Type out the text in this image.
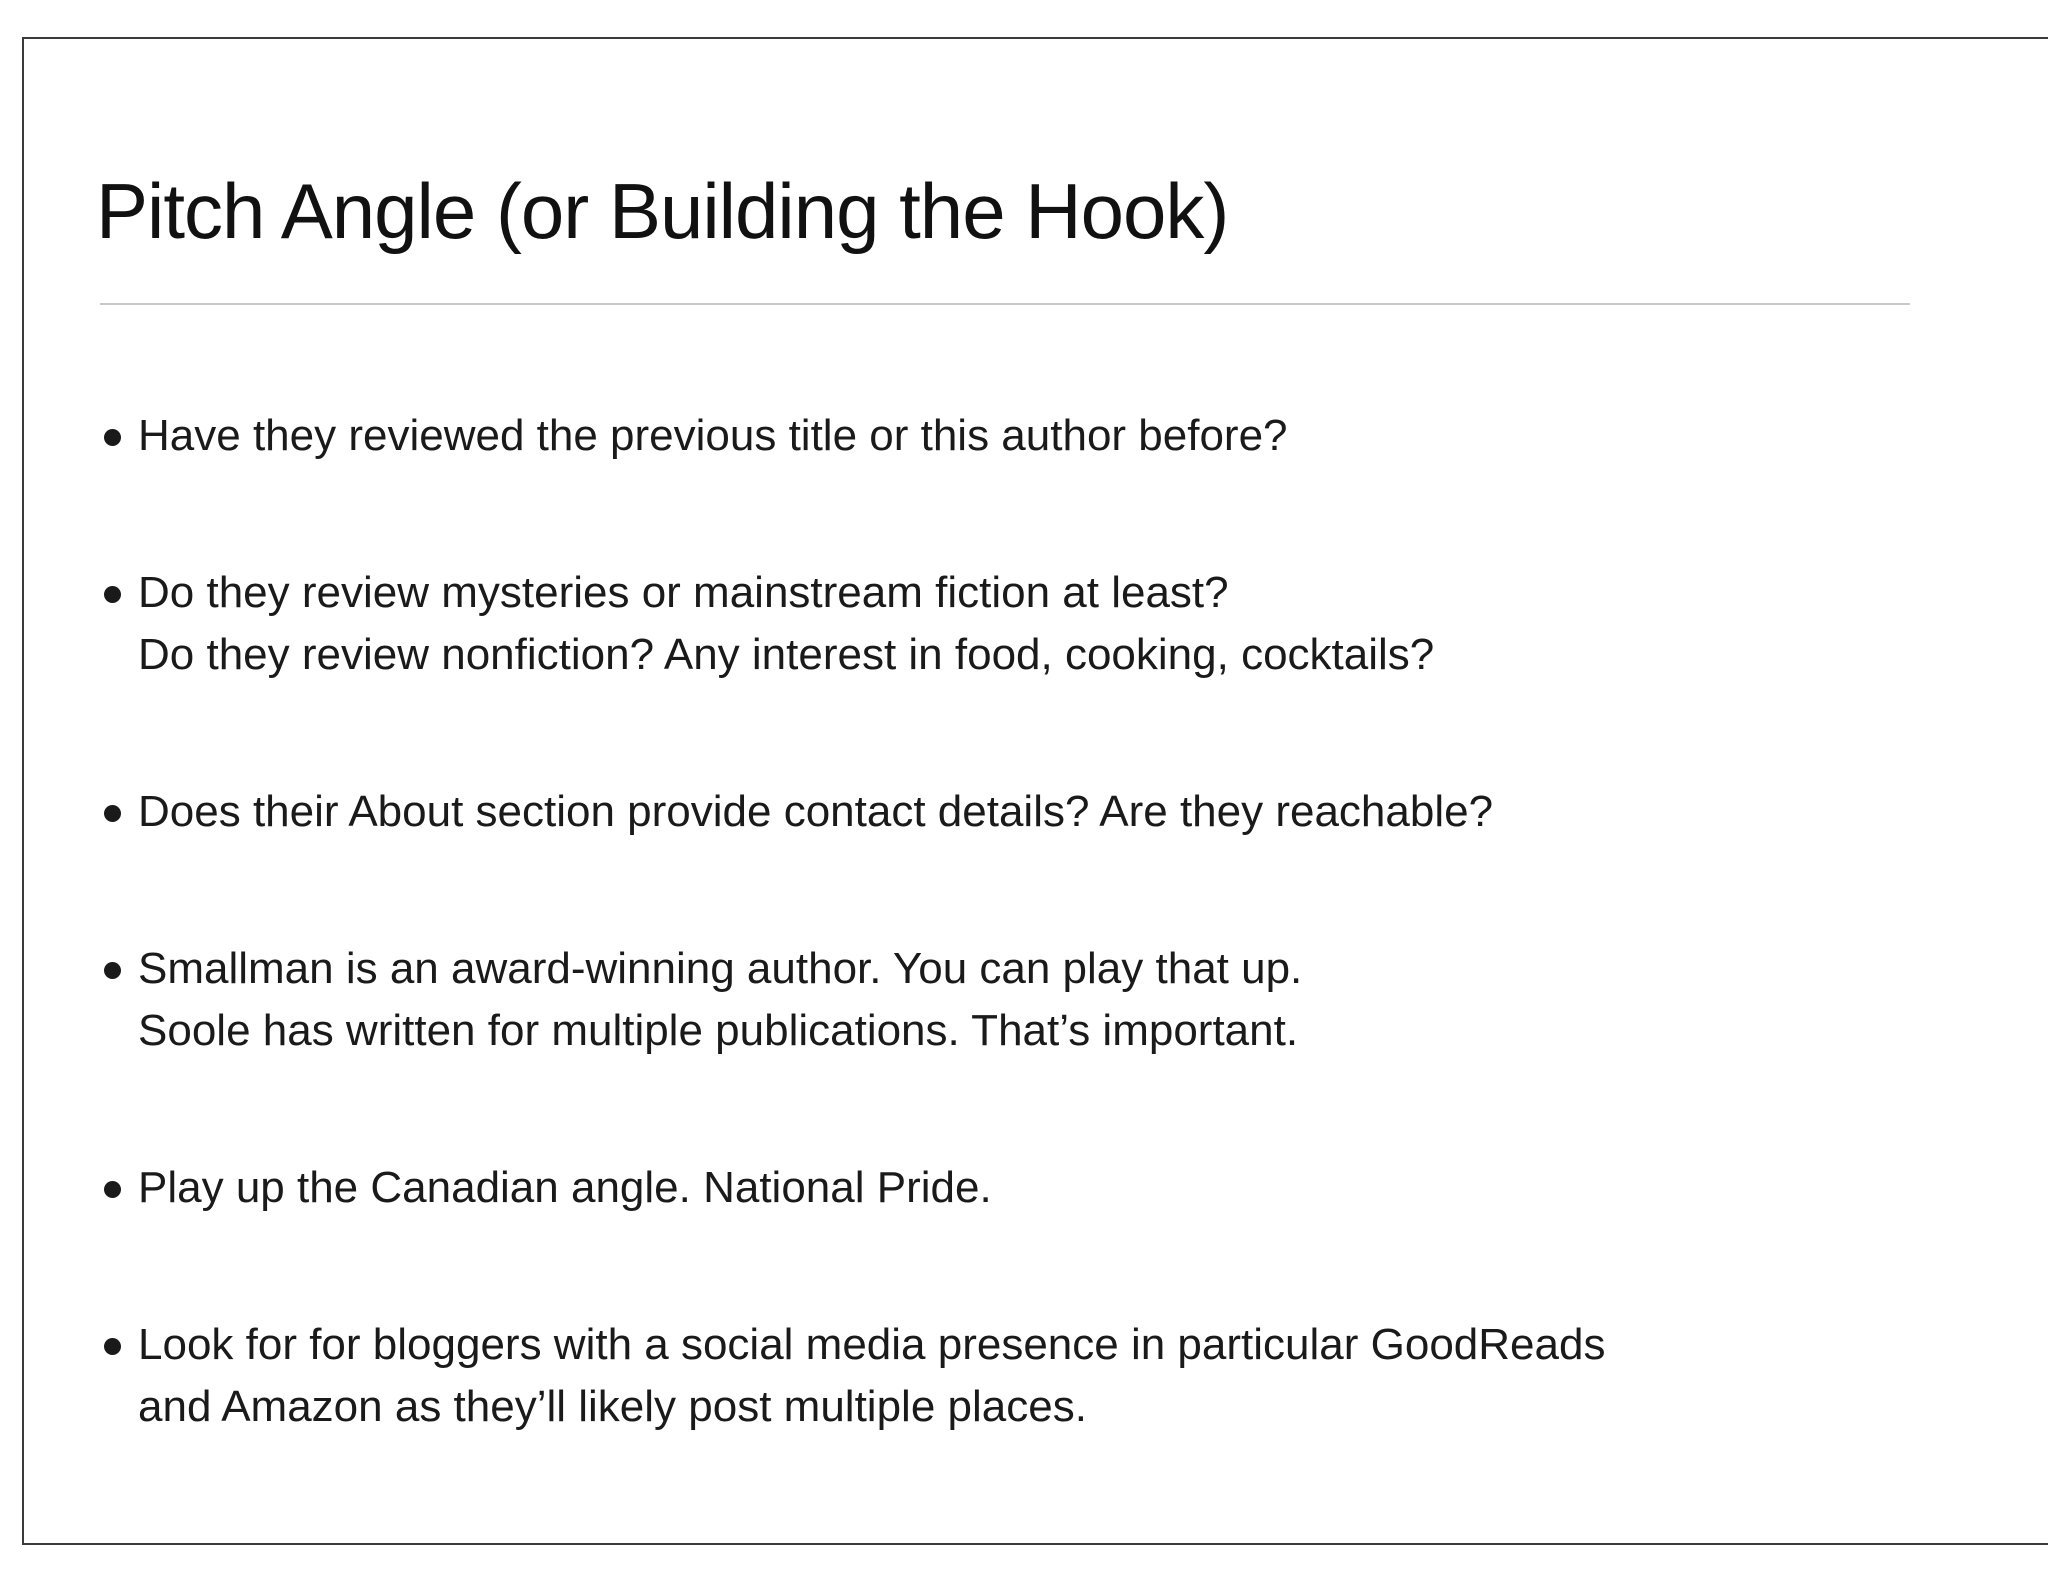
Pitch Angle (or Building the Hook)
Have they reviewed the previous title or this author before?
Do they review mysteries or mainstream fiction at least?
Do they review nonfiction? Any interest in food, cooking, cocktails?
Does their About section provide contact details? Are they reachable?
Smallman is an award-winning author. You can play that up.
Soole has written for multiple publications. That’s important.
Play up the Canadian angle. National Pride.
Look for for bloggers with a social media presence in particular GoodReads
and Amazon as they’ll likely post multiple places.
